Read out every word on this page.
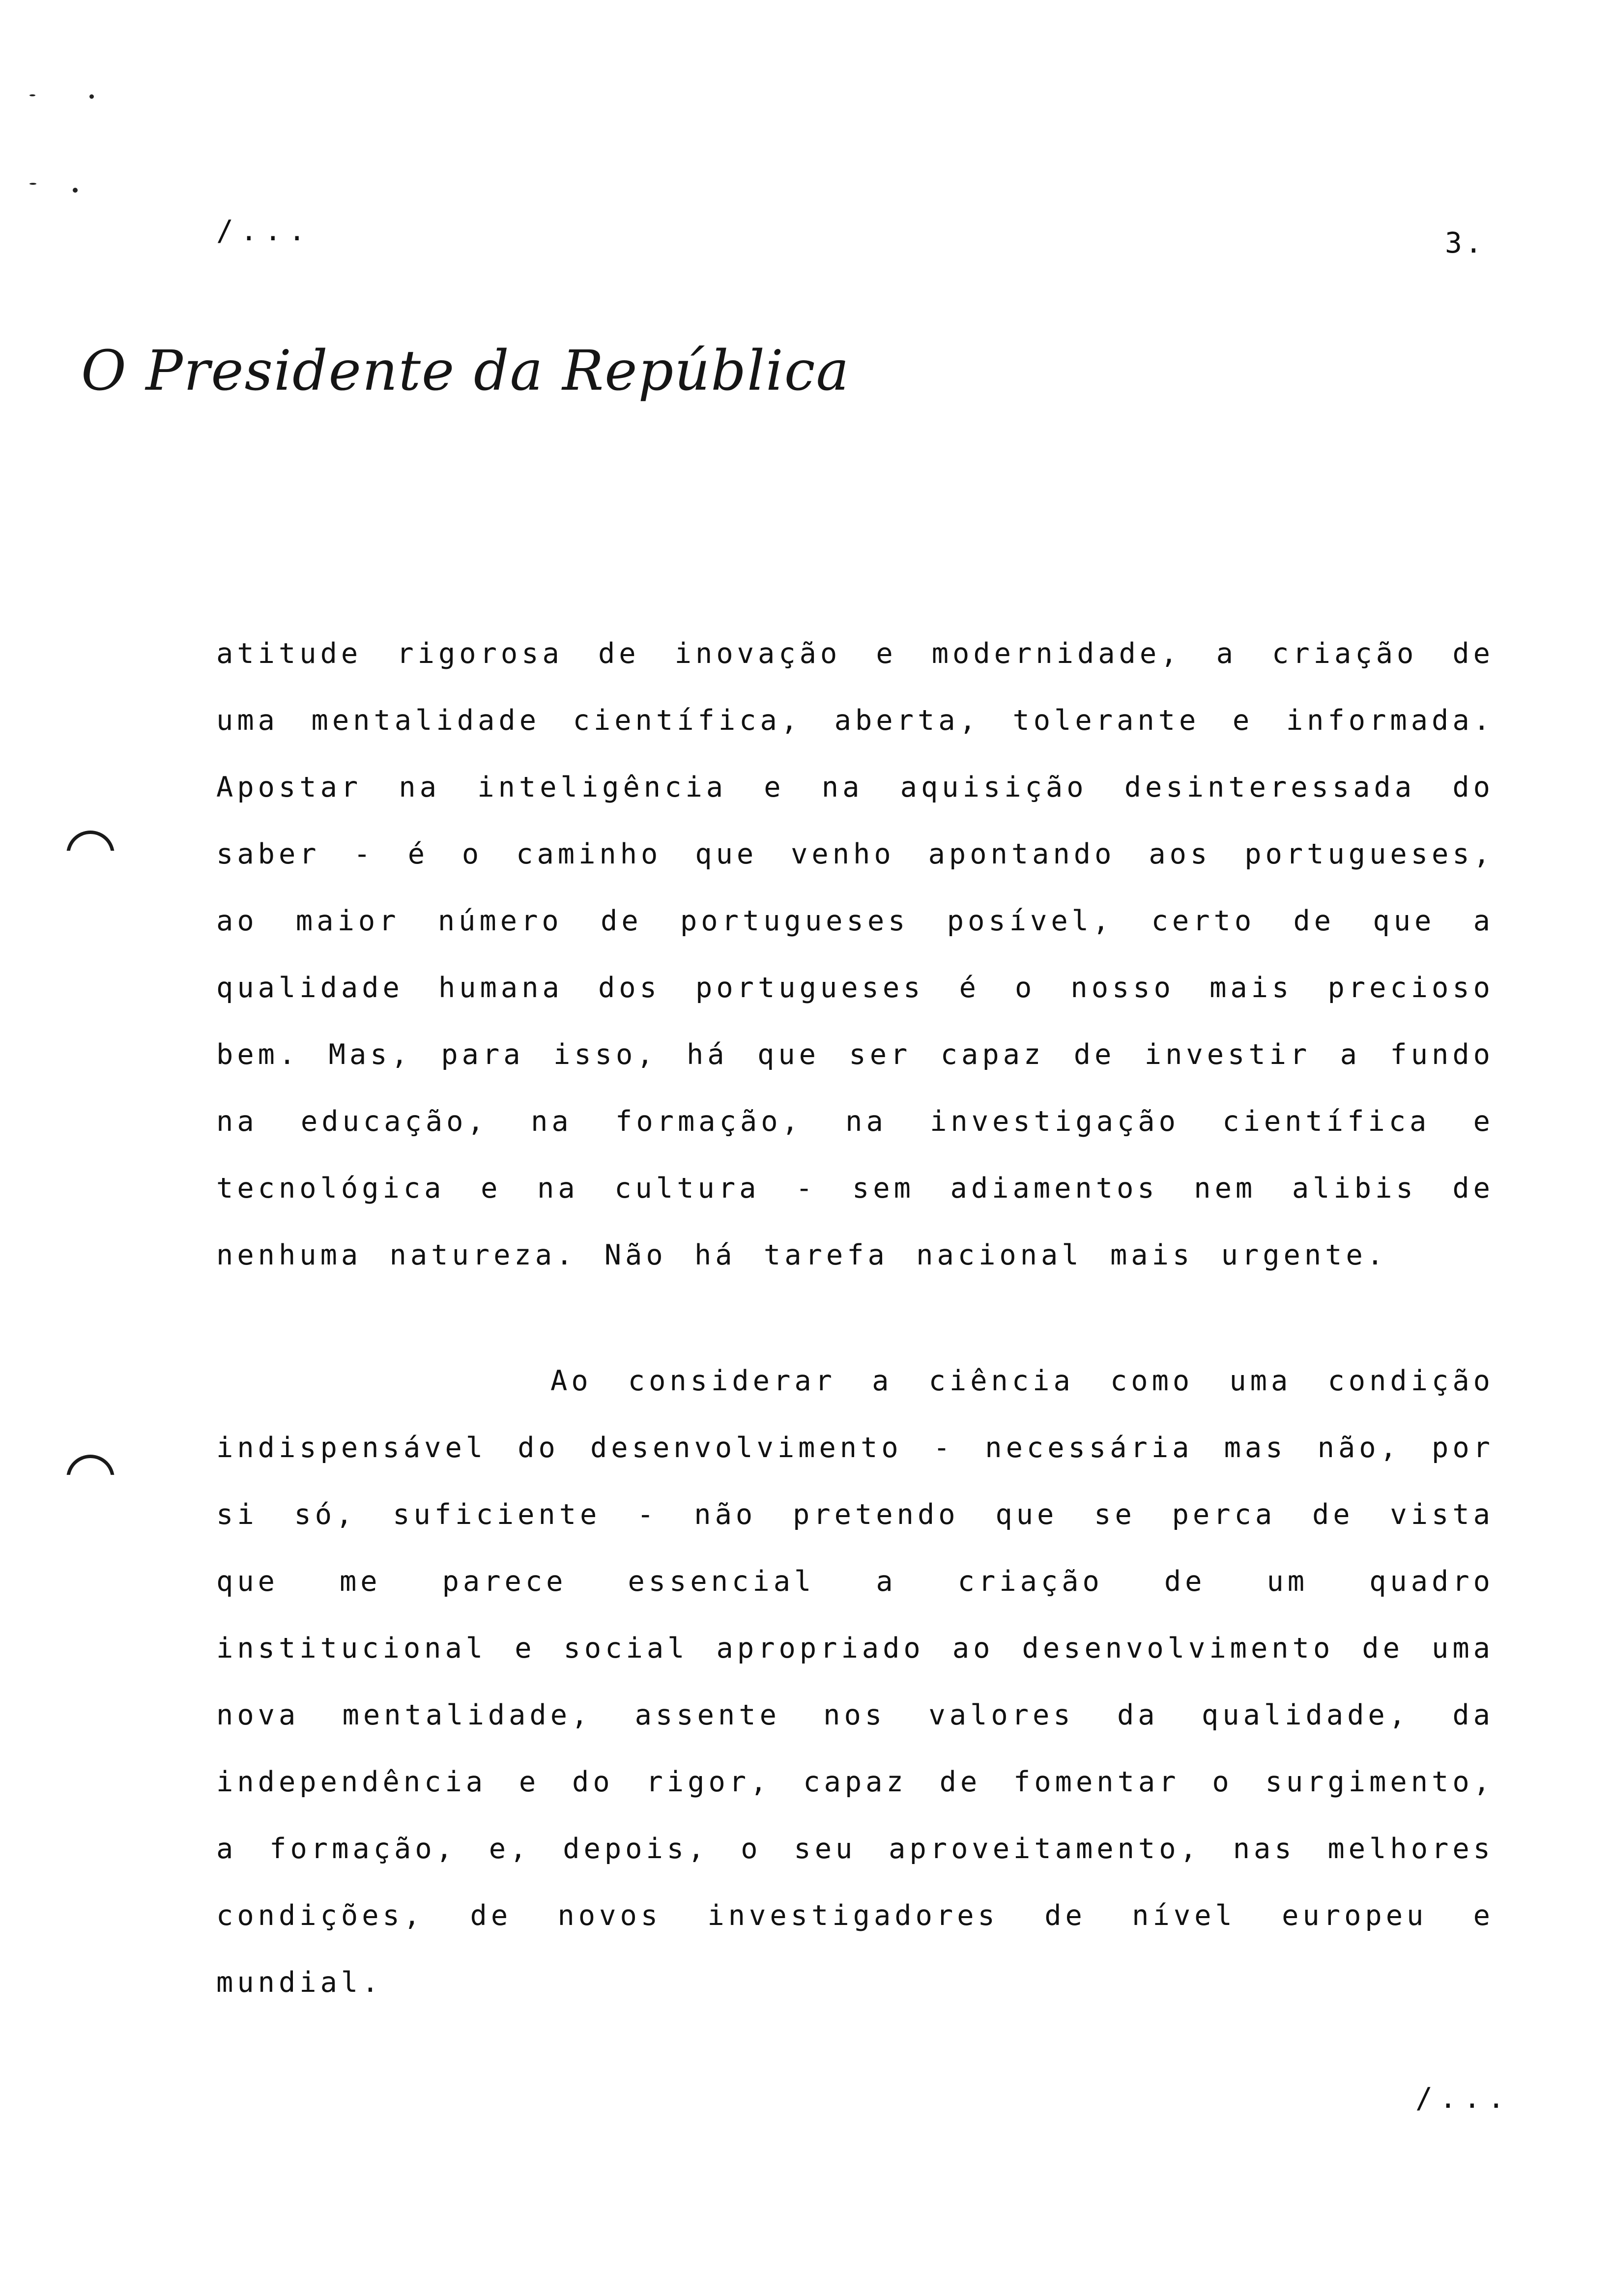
/...	3.
O Presidente da República

atitude rigorosa de inovação e modernidade, a criação de uma mentalidade científica, aberta, tolerante e informada. Apostar na inteligência e na aquisição desinteressada do saber - é o caminho que venho apontando aos portugueses, ao maior número de portugueses posível, certo de que a qualidade humana dos portugueses é o nosso mais precioso bem. Mas, para isso, há que ser capaz de investir a fundo na educação, na formação, na investigação científica e tecnológica e na cultura - sem adiamentos nem alibis de nenhuma natureza. Não há tarefa nacional mais urgente.

Ao considerar a ciência como uma condição indispensável do desenvolvimento - necessária mas não, por si só, suficiente - não pretendo que se perca de vista que me parece essencial a criação de um quadro institucional e social apropriado ao desenvolvimento de uma nova mentalidade, assente nos valores da qualidade, da independência e do rigor, capaz de fomentar o surgimento, a formação, e, depois, o seu aproveitamento, nas melhores condições, de novos investigadores de nível europeu e mundial.

/...
